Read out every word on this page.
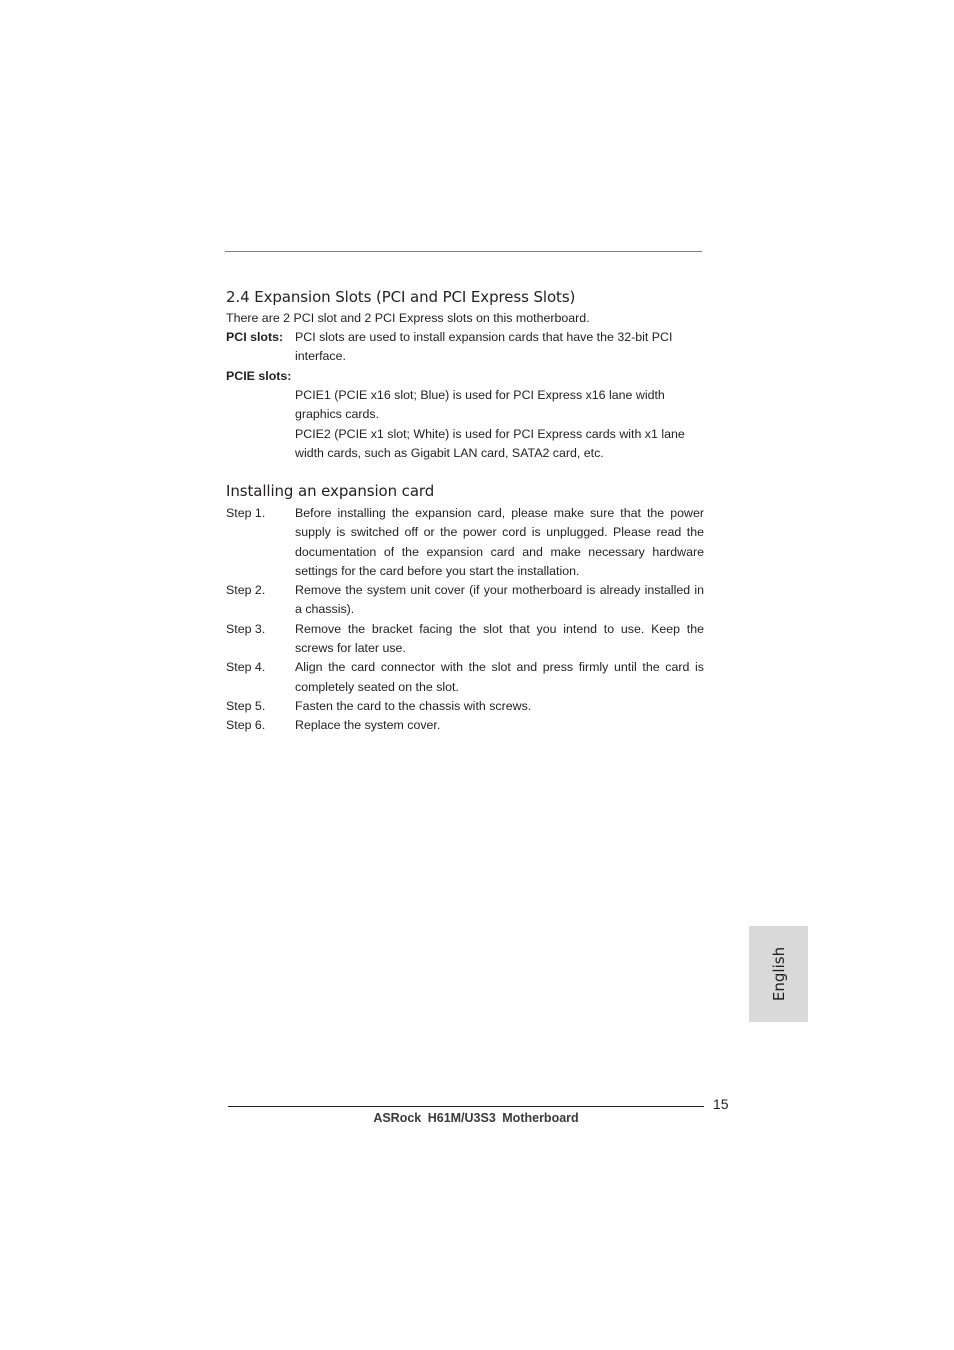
2.4 Expansion Slots (PCI and PCI Express Slots)
There are 2 PCI slot and 2 PCI Express slots on this motherboard.
PCI slots: PCI slots are used to install expansion cards that have the 32-bit PCI interface.
PCIE slots:

PCIE1 (PCIE x16 slot; Blue) is used for PCI Express x16 lane width graphics cards.

PCIE2 (PCIE x1 slot; White) is used for PCI Express cards with x1 lane width cards, such as Gigabit LAN card, SATA2 card, etc.

Installing an expansion card
Step 1. Before installing the expansion card, please make sure that the power supply is switched off or the power cord is unplugged. Please read the documentation of the expansion card and make necessary hardware settings for the card before you start the installation.
Step 2. Remove the system unit cover (if your motherboard is already installed in a chassis).
Step 3. Remove the bracket facing the slot that you intend to use. Keep the screws for later use.
Step 4. Align the card connector with the slot and press firmly until the card is completely seated on the slot.
Step 5. Fasten the card to the chassis with screws.
Step 6. Replace the system cover.
English
15
ASRock H61M/U3S3 Motherboard
